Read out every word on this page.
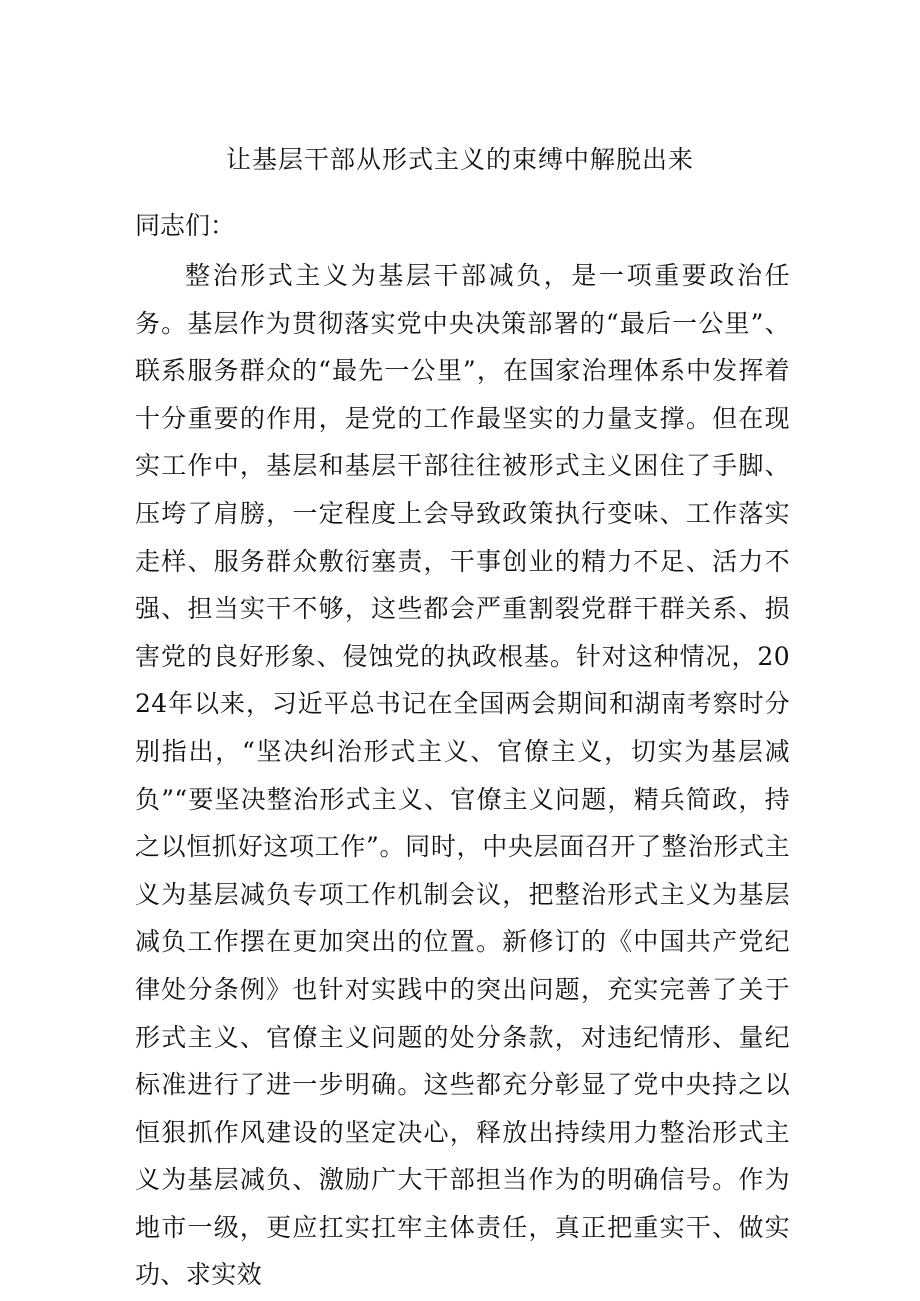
让基层干部从形式主义的束缚中解脱出来
同志们：

整治形式主义为基层干部减负，是一项重要政治任务。基层作为贯彻落实党中央决策部署的“最后一公里”、联系服务群众的“最先一公里”，在国家治理体系中发挥着十分重要的作用，是党的工作最坚实的力量支撑。但在现实工作中，基层和基层干部往往被形式主义困住了手脚、压垮了肩膀，一定程度上会导致政策执行变味、工作落实走样、服务群众敷衍塞责，干事创业的精力不足、活力不强、担当实干不够，这些都会严重割裂党群干群关系、损害党的良好形象、侵蚀党的执政根基。针对这种情况，2024年以来，习近平总书记在全国两会期间和湖南考察时分别指出，“坚决纠治形式主义、官僚主义，切实为基层减负”“要坚决整治形式主义、官僚主义问题，精兵简政，持之以恒抓好这项工作”。同时，中央层面召开了整治形式主义为基层减负专项工作机制会议，把整治形式主义为基层减负工作摆在更加突出的位置。新修订的《中国共产党纪律处分条例》也针对实践中的突出问题，充实完善了关于形式主义、官僚主义问题的处分条款，对违纪情形、量纪标准进行了进一步明确。这些都充分彰显了党中央持之以恒狠抓作风建设的坚定决心，释放出持续用力整治形式主义为基层减负、激励广大干部担当作为的明确信号。作为地市一级，更应扛实扛牢主体责任，真正把重实干、做实功、求实效
